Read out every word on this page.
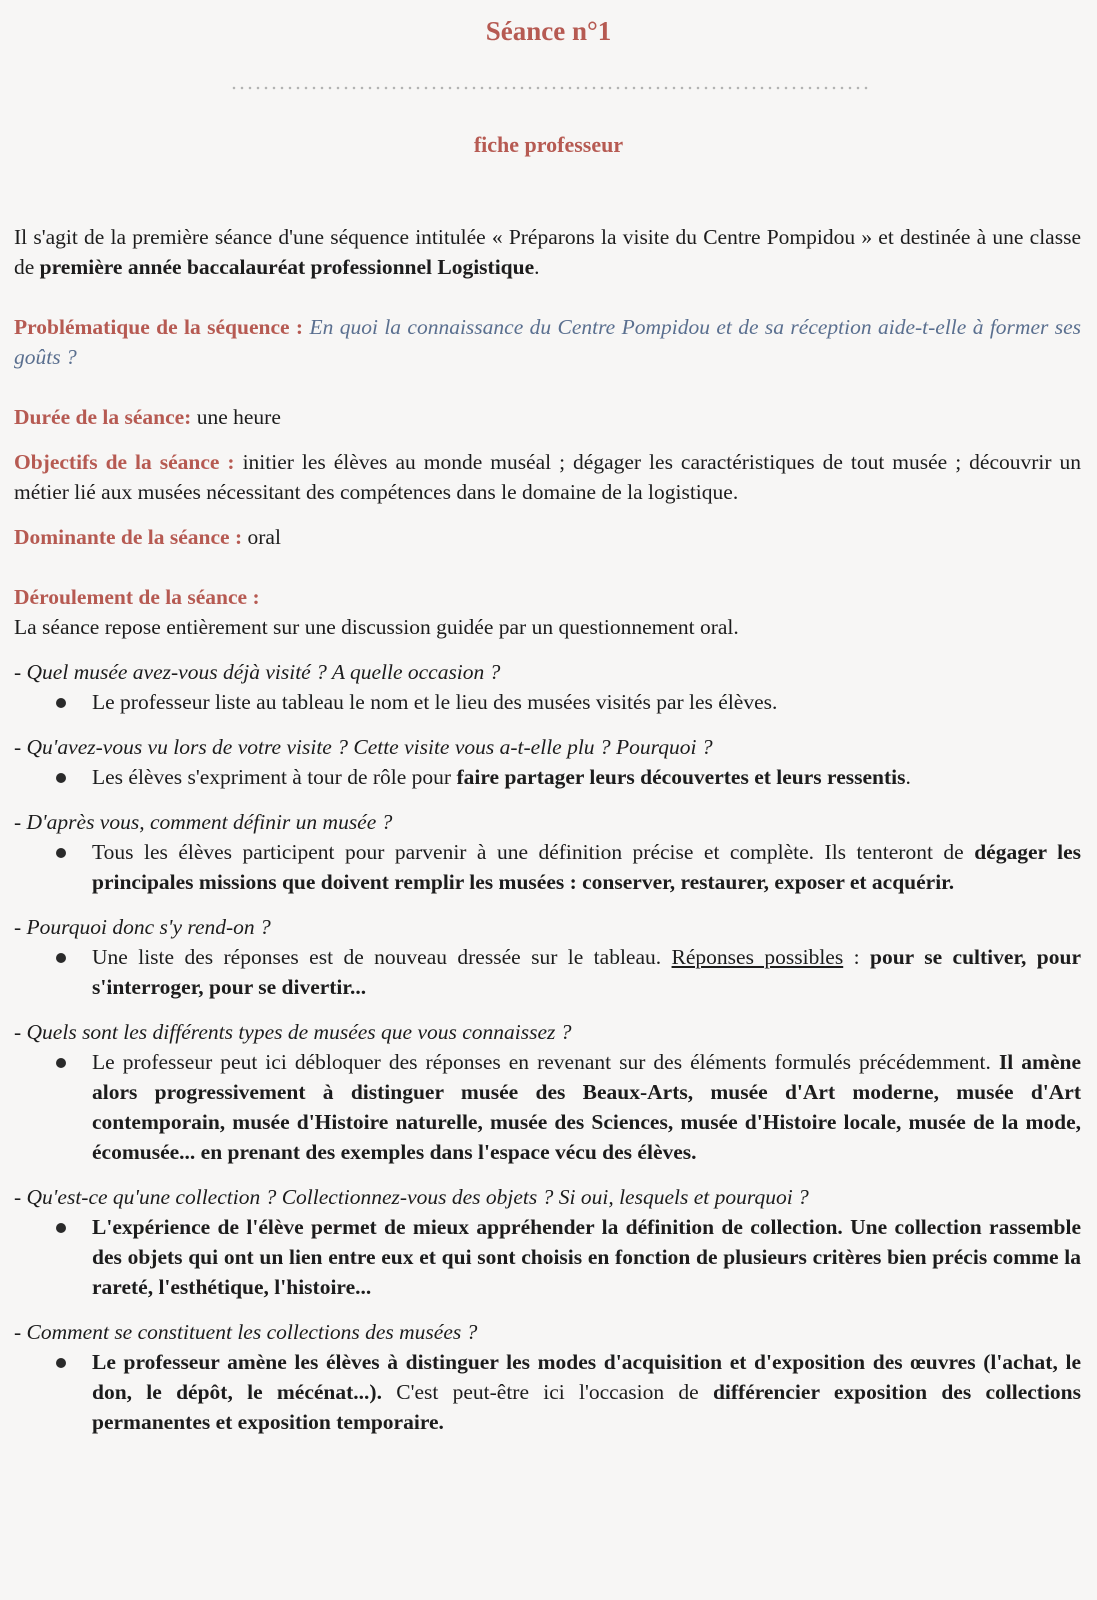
Séance n°1
fiche professeur

Il s'agit de la première séance d'une séquence intitulée « Préparons la visite du Centre Pompidou » et destinée à une classe de première année baccalauréat professionnel Logistique.

Problématique de la séquence : En quoi la connaissance du Centre Pompidou et de sa réception aide-t-elle à former ses goûts ?

Durée de la séance: une heure

Objectifs de la séance : initier les élèves au monde muséal ; dégager les caractéristiques de tout musée ; découvrir un métier lié aux musées nécessitant des compétences dans le domaine de la logistique.

Dominante de la séance : oral

Déroulement de la séance :

La séance repose entièrement sur une discussion guidée par un questionnement oral.

- Quel musée avez-vous déjà visité ? A quelle occasion ?

Le professeur liste au tableau le nom et le lieu des musées visités par les élèves.

- Qu'avez-vous vu lors de votre visite ? Cette visite vous a-t-elle plu ? Pourquoi ?

Les élèves s'expriment à tour de rôle pour faire partager leurs découvertes et leurs ressentis.

- D'après vous, comment définir un musée ?

Tous les élèves participent pour parvenir à une définition précise et complète. Ils tenteront de dégager les principales missions que doivent remplir les musées : conserver, restaurer, exposer et acquérir.

- Pourquoi donc s'y rend-on ?

Une liste des réponses est de nouveau dressée sur le tableau. Réponses possibles : pour se cultiver, pour s'interroger, pour se divertir...

- Quels sont les différents types de musées que vous connaissez ?

Le professeur peut ici débloquer des réponses en revenant sur des éléments formulés précédemment. Il amène alors progressivement à distinguer musée des Beaux-Arts, musée d'Art moderne, musée d'Art contemporain, musée d'Histoire naturelle, musée des Sciences, musée d'Histoire locale, musée de la mode, écomusée... en prenant des exemples dans l'espace vécu des élèves.

- Qu'est-ce qu'une collection ? Collectionnez-vous des objets ? Si oui, lesquels et pourquoi ?

L'expérience de l'élève permet de mieux appréhender la définition de collection. Une collection rassemble des objets qui ont un lien entre eux et qui sont choisis en fonction de plusieurs critères bien précis comme la rareté, l'esthétique, l'histoire...

- Comment se constituent les collections des musées ?

Le professeur amène les élèves à distinguer les modes d'acquisition et d'exposition des œuvres (l'achat, le don, le dépôt, le mécénat...). C'est peut-être ici l'occasion de différencier exposition des collections permanentes et exposition temporaire.
